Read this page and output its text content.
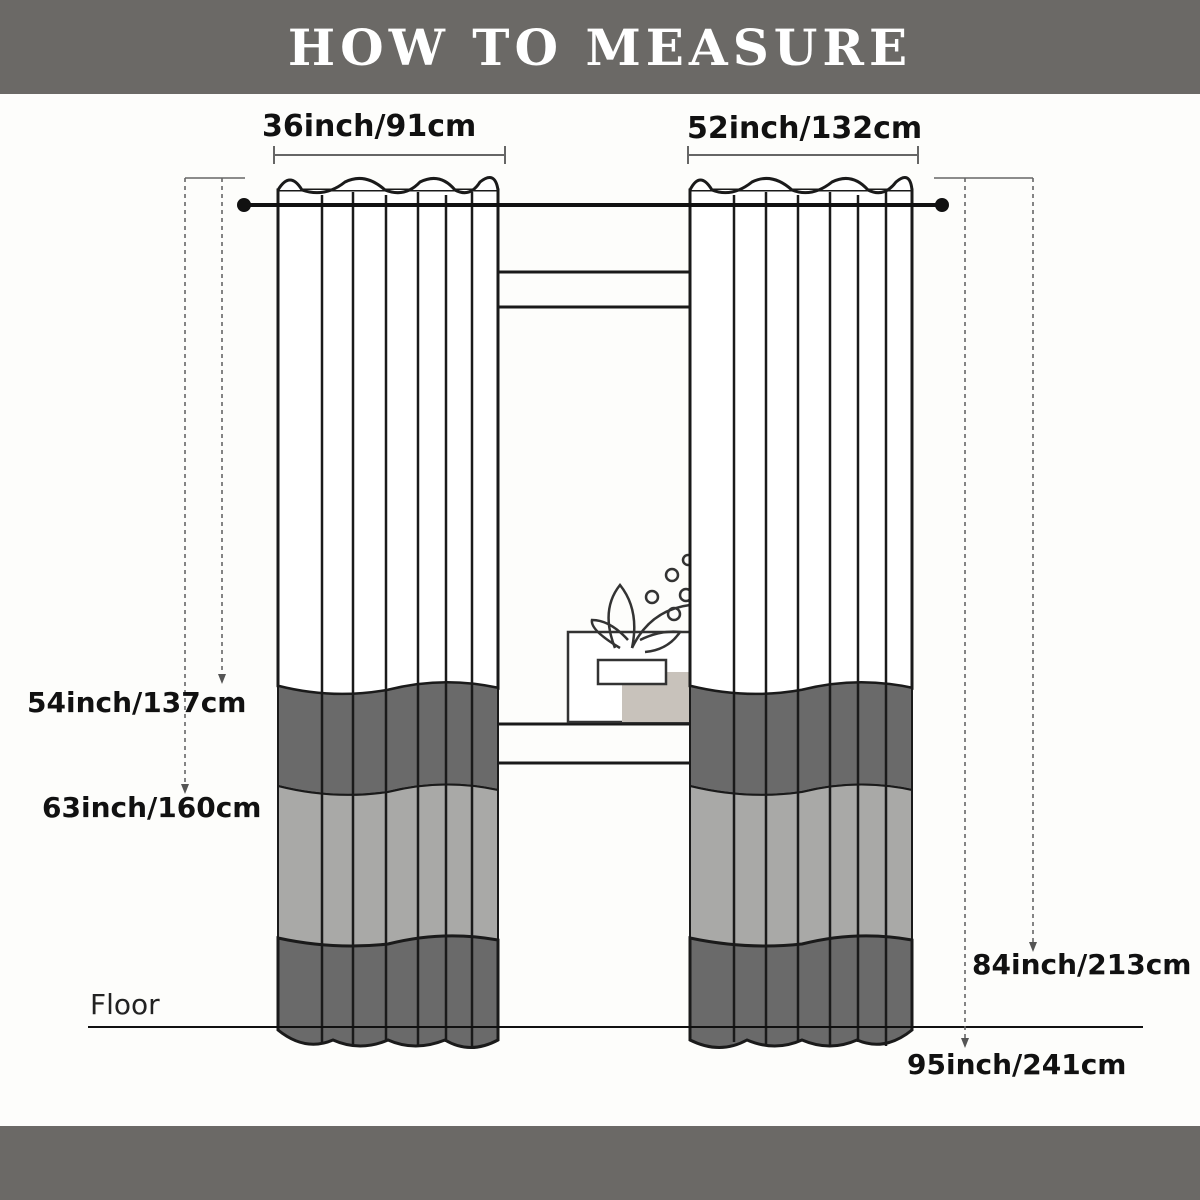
HOW TO MEASURE
36inch/91cm	52inch/132cm
54inch/137cm
63inch/160cm
84inch/213cm
95inch/241cm
Floor
